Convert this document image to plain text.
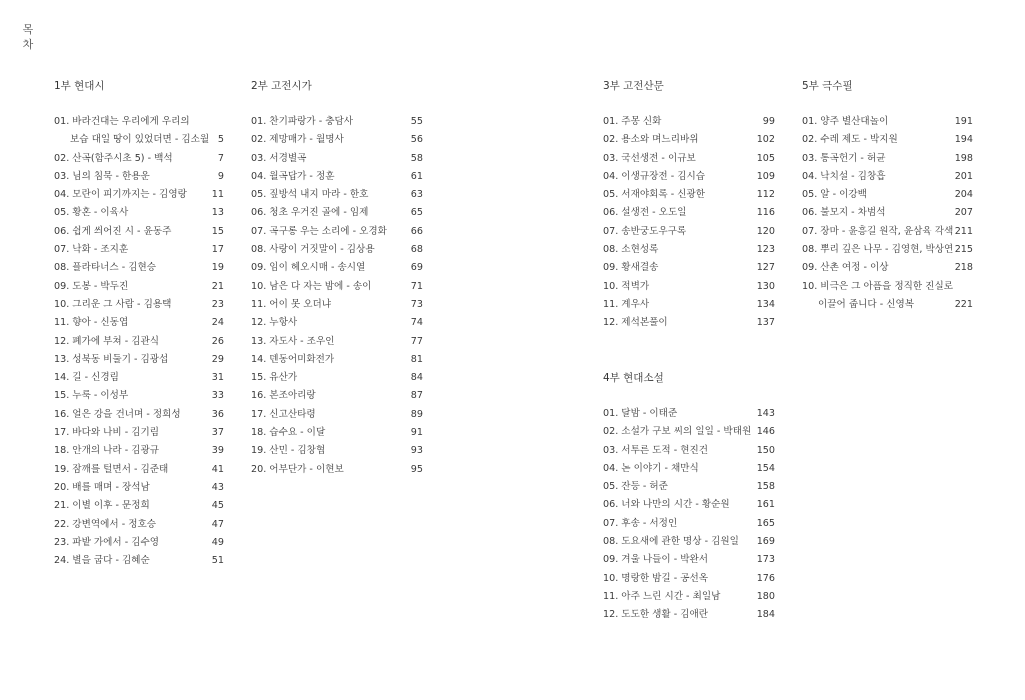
목
차
1부 현대시
01. 바라건대는 우리에게 우리의
보습 대일 땅이 있었더면 - 김소월 5
02. 산곡(함주시초 5) - 백석	7
03. 님의 침묵 - 한용운	9
04. 모란이 피기까지는 - 김영랑	11
05. 황혼 - 이육사	13
06. 쉽게 씌어진 시 - 윤동주	15
07. 낙화 - 조지훈	17
08. 플라타너스 - 김현승	19
09. 도봉 - 박두진	21
10. 그리운 그 사람 - 김용택	23
11. 향아 - 신동엽	24
12. 폐가에 부쳐 - 김관식	26
13. 성북동 비둘기 - 김광섭	29
14. 길 - 신경림	31
15. 누룩 - 이성부	33
16. 얼은 강을 건너며 - 정희성	36
17. 바다와 나비 - 김기림	37
18. 안개의 나라 - 김광규	39
19. 잠깨를 털면서 - 김준태	41
20. 배를 매며 - 장석남	43
21. 이별 이후 - 문정희	45
22. 강변역에서 - 정호승	47
23. 파밭 가에서 - 김수영	49
24. 별을 굽다 - 김혜순	51
2부 고전시가
01. 찬기파랑가 - 충담사	55
02. 제망매가 - 월명사	56
03. 서경별곡	58
04. 월곡답가 - 정훈	61
05. 짚방석 내지 마라 - 한호	63
06. 청초 우거진 골에 - 임제	65
07. 곡구롱 우는 소리에 - 오경화 66
08. 사랑이 거짓말이 - 김상용	68
09. 임이 헤오시매 - 송시열	69
10. 남은 다 자는 밤에 - 송이	71
11. 어이 못 오더냐	73
12. 누항사	74
13. 자도사 - 조우인	77
14. 덴동어미화전가	81
15. 유산가	84
16. 본조아리랑	87
17. 신고산타령	89
18. 습수요 - 이달	91
19. 산민 - 김창협	93
20. 어부단가 - 이현보	95
3부 고전산문
01. 주몽 신화	99
02. 용소와 며느리바위	102
03. 국선생전 - 이규보	105
04. 이생규장전 - 김시습	109
05. 서재야회록 - 신광한	112
06. 설생전 - 오도일	116
07. 송반궁도우구록	120
08. 소현성록	123
09. 황새결송	127
10. 적벽가	130
11. 계우사	134
12. 제석본풀이	137
4부 현대소설
01. 달밤 - 이태준	143
02. 소설가 구보 씨의 일일 - 박태원 146
03. 서투른 도적 - 현진건	150
04. 논 이야기 - 채만식	154
05. 잔등 - 허준	158
06. 너와 나만의 시간 - 황순원	161
07. 후송 - 서정인	165
08. 도요새에 관한 명상 - 김원일 169
09. 겨울 나들이 - 박완서	173
10. 명랑한 밤길 - 공선옥	176
11. 아주 느린 시간 - 최일남	180
12. 도도한 생활 - 김애란	184
5부 극수필
01. 양주 별산대놀이	191
02. 수레 제도 - 박지원	194
03. 통곡헌기 - 허균	198
04. 낙치설 - 김창흡	201
05. 알 - 이강백	204
06. 불모지 - 차범석	207
07. 장마 - 윤흥길 원작, 윤삼육 각색 211
08. 뿌리 깊은 나무 - 김영현, 박상연 215
09. 산촌 여정 - 이상	218
10. 비극은 그 아픔을 정직한 진실로
이끌어 줍니다 - 신영복	221
